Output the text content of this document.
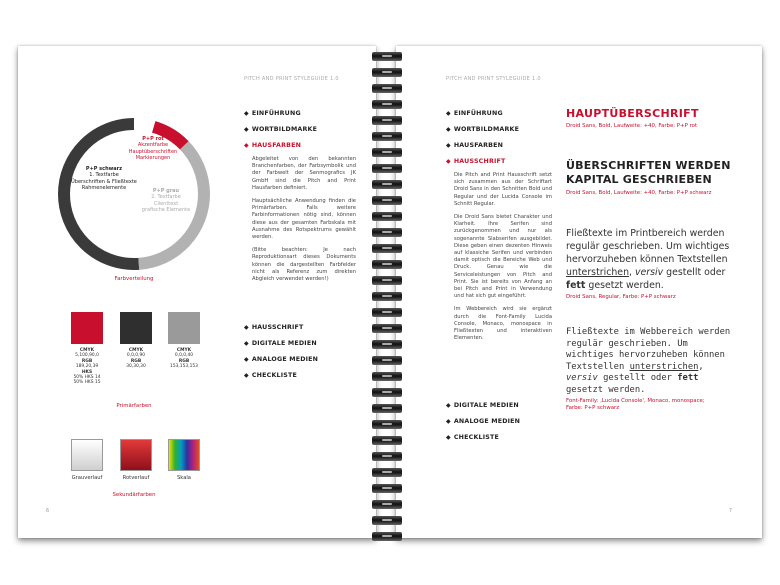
PITCH AND PRINT STYLEGUIDE 1.0
P+P rot
Akzentfarbe
Hauptüberschriften
Markierungen
P+P schwarz
1. Textfarbe
Überschriften & Fließtexte
Rahmenelemente
P+P grau
2. Textfarbe
Clienttext
grafische Elemente
Farbverteilung
CMYK
5,100,90,0
RGB
189,20,39
HKS
50% HKS 14
50% HKS 15
CMYK
0,0,0,90
RGB
30,30,30
CMYK
0,0,0,40
RGB
153,153,153
Primärfarben
Grauverlauf	Rotverlauf	Skala
Sekundärfarben
◆ EINFÜHRUNG
◆ WORTBILDMARKE
◆ HAUSFARBEN

Abgeleitet von den bekannten Branchenfarben, der Farbsymbolik und der Farbwelt der Senmografics JK GmbH sind die Pitch and Print Hausfarben definiert.

Hauptsächliche Anwendung finden die Primärfarben. Falls weitere Farbinformationen nötig sind, können diese aus der gesamten Farbskala mit Ausnahme des Rotspektrums gewählt werden.

(Bitte beachten: Je nach Reproduktionsart dieses Dokuments können die dargestellten Farbfelder nicht als Referenz zum direkten Abgleich verwendet werden!)

◆ HAUSSCHRIFT
◆ DIGITALE MEDIEN
◆ ANALOGE MEDIEN
◆ CHECKLISTE
6
PITCH AND PRINT STYLEGUIDE 1.0
◆ EINFÜHRUNG
◆ WORTBILDMARKE
◆ HAUSFARBEN
◆ HAUSSCHRIFT

Die Pitch and Print Hausschrift setzt sich zusammen aus der Schriftart Droid Sans in den Schnitten Bold und Regular und der Lucida Console im Schnitt Regular.

Die Droid Sans bietet Charakter und Klarheit. Ihre Serifen sind zurückgenommen und nur als sogenannte Slabserifen ausgebildet. Diese geben einen dezenten Hinweis auf klassiche Serifen und verbinden damit optisch die Bereiche Web und Druck. Genau wie die Serviceleistungen von Pitch and Print. Sie ist bereits von Anfang an bei Pitch and Print in Verwendung und hat sich gut eingeführt.

Im Webbereich wird sie ergänzt durch die Font-Family Lucida Console, Monaco, monospace in Fließtexten und interaktiven Elementen.

◆ DIGITALE MEDIEN
◆ ANALOGE MEDIEN
◆ CHECKLISTE
HAUPTÜBERSCHRIFT
Droid Sans, Bold, Laufweite: +40, Farbe: P+P rot
ÜBERSCHRIFTEN WERDEN
KAPITAL GESCHRIEBEN
Droid Sans, Bold, Laufweite: +40, Farbe: P+P schwarz
Fließtexte im Printbereich werden regulär geschrieben. Um wichtiges hervorzuheben können Textstellen unterstrichen, versiv gestellt oder fett gesetzt werden.
Droid Sans, Regular, Farbe: P+P schwarz
Fließtexte im Webbereich werden regulär geschrieben. Um wichtiges hervorzuheben können Textstellen unterstrichen, versiv gestellt oder fett gesetzt werden.
Font-Family: ‚Lucida Console', Monaco, monospace;
Farbe: P+P schwarz
7
